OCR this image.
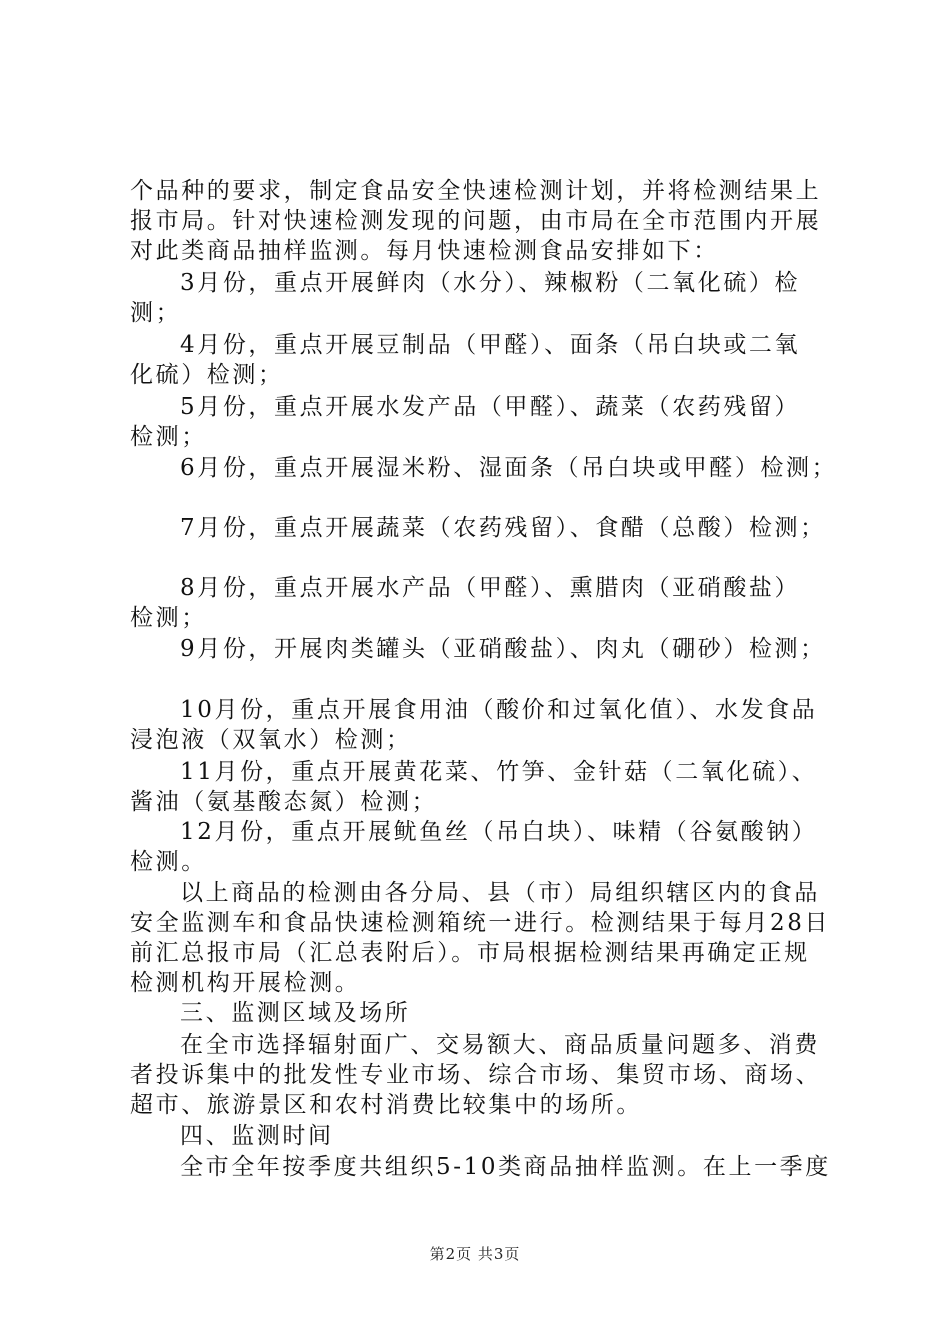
个品种的要求，制定食品安全快速检测计划，并将检测结果上
报市局。针对快速检测发现的问题，由市局在全市范围内开展
对此类商品抽样监测。每月快速检测食品安排如下：
3月份，重点开展鲜肉（水分）、辣椒粉（二氧化硫）检
测；
4月份，重点开展豆制品（甲醛）、面条（吊白块或二氧
化硫）检测；
5月份，重点开展水发产品（甲醛）、蔬菜（农药残留）
检测；
6月份，重点开展湿米粉、湿面条（吊白块或甲醛）检测；
7月份，重点开展蔬菜（农药残留）、食醋（总酸）检测；
8月份，重点开展水产品（甲醛）、熏腊肉（亚硝酸盐）
检测；
9月份，开展肉类罐头（亚硝酸盐）、肉丸（硼砂）检测；
10月份，重点开展食用油（酸价和过氧化值）、水发食品
浸泡液（双氧水）检测；
11月份，重点开展黄花菜、竹笋、金针菇（二氧化硫）、
酱油（氨基酸态氮）检测；
12月份，重点开展鱿鱼丝（吊白块）、味精（谷氨酸钠）
检测。
以上商品的检测由各分局、县（市）局组织辖区内的食品
安全监测车和食品快速检测箱统一进行。检测结果于每月28日
前汇总报市局（汇总表附后）。市局根据检测结果再确定正规
检测机构开展检测。
三、监测区域及场所
在全市选择辐射面广、交易额大、商品质量问题多、消费
者投诉集中的批发性专业市场、综合市场、集贸市场、商场、
超市、旅游景区和农村消费比较集中的场所。
四、监测时间
全市全年按季度共组织5-10类商品抽样监测。在上一季度
第2页 共3页
